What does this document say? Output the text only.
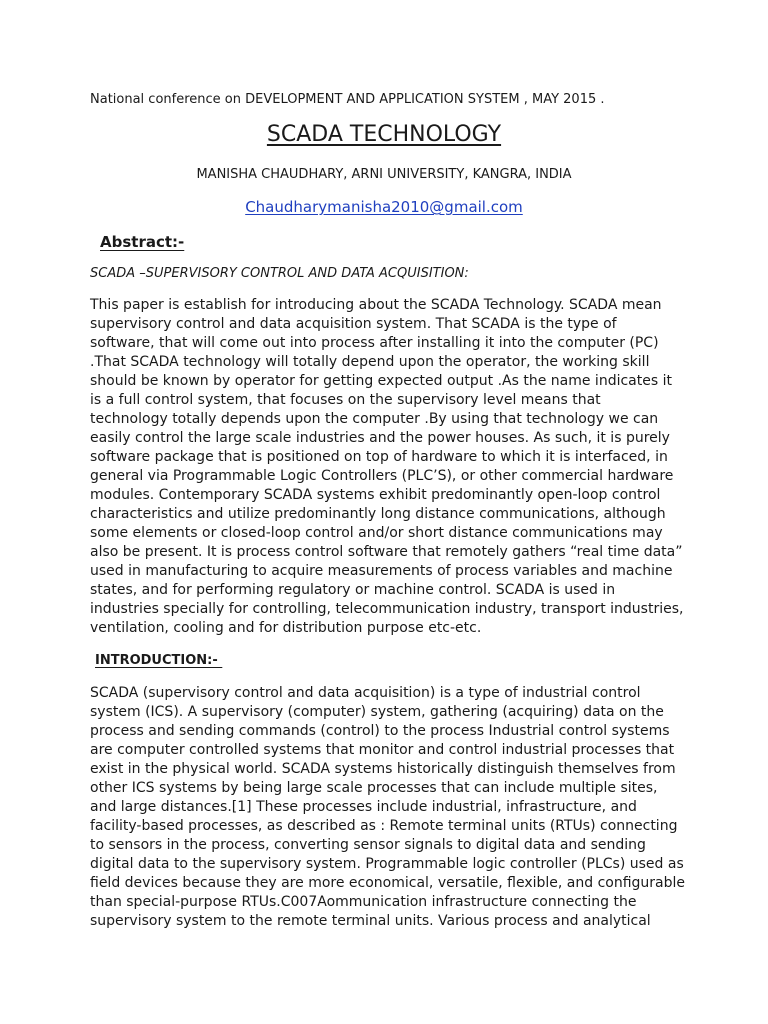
National conference on DEVELOPMENT AND APPLICATION SYSTEM , MAY 2015 .
SCADA TECHNOLOGY
MANISHA CHAUDHARY, ARNI UNIVERSITY, KANGRA, INDIA
Chaudharymanisha2010@gmail.com
Abstract:-
SCADA –SUPERVISORY CONTROL AND DATA ACQUISITION:
This paper is establish for introducing about the SCADA Technology. SCADA mean
supervisory control and data acquisition system. That SCADA is the type of
software, that will come out into process after installing it into the computer (PC)
.That SCADA technology will totally depend upon the operator, the working skill
should be known by operator for getting expected output .As the name indicates it
is a full control system, that focuses on the supervisory level means that
technology totally depends upon the computer .By using that technology we can
easily control the large scale industries and the power houses. As such, it is purely
software package that is positioned on top of hardware to which it is interfaced, in
general via Programmable Logic Controllers (PLC’S), or other commercial hardware
modules. Contemporary SCADA systems exhibit predominantly open-loop control
characteristics and utilize predominantly long distance communications, although
some elements or closed-loop control and/or short distance communications may
also be present. It is process control software that remotely gathers “real time data”
used in manufacturing to acquire measurements of process variables and machine
states, and for performing regulatory or machine control. SCADA is used in
industries specially for controlling, telecommunication industry, transport industries,
ventilation, cooling and for distribution purpose etc-etc.
INTRODUCTION:-
SCADA (supervisory control and data acquisition) is a type of industrial control
system (ICS). A supervisory (computer) system, gathering (acquiring) data on the
process and sending commands (control) to the process Industrial control systems
are computer controlled systems that monitor and control industrial processes that
exist in the physical world. SCADA systems historically distinguish themselves from
other ICS systems by being large scale processes that can include multiple sites,
and large distances.[1] These processes include industrial, infrastructure, and
facility-based processes, as described as : Remote terminal units (RTUs) connecting
to sensors in the process, converting sensor signals to digital data and sending
digital data to the supervisory system. Programmable logic controller (PLCs) used as
field devices because they are more economical, versatile, flexible, and configurable
than special-purpose RTUs.C007Aommunication infrastructure connecting the
supervisory system to the remote terminal units. Various process and analytical
